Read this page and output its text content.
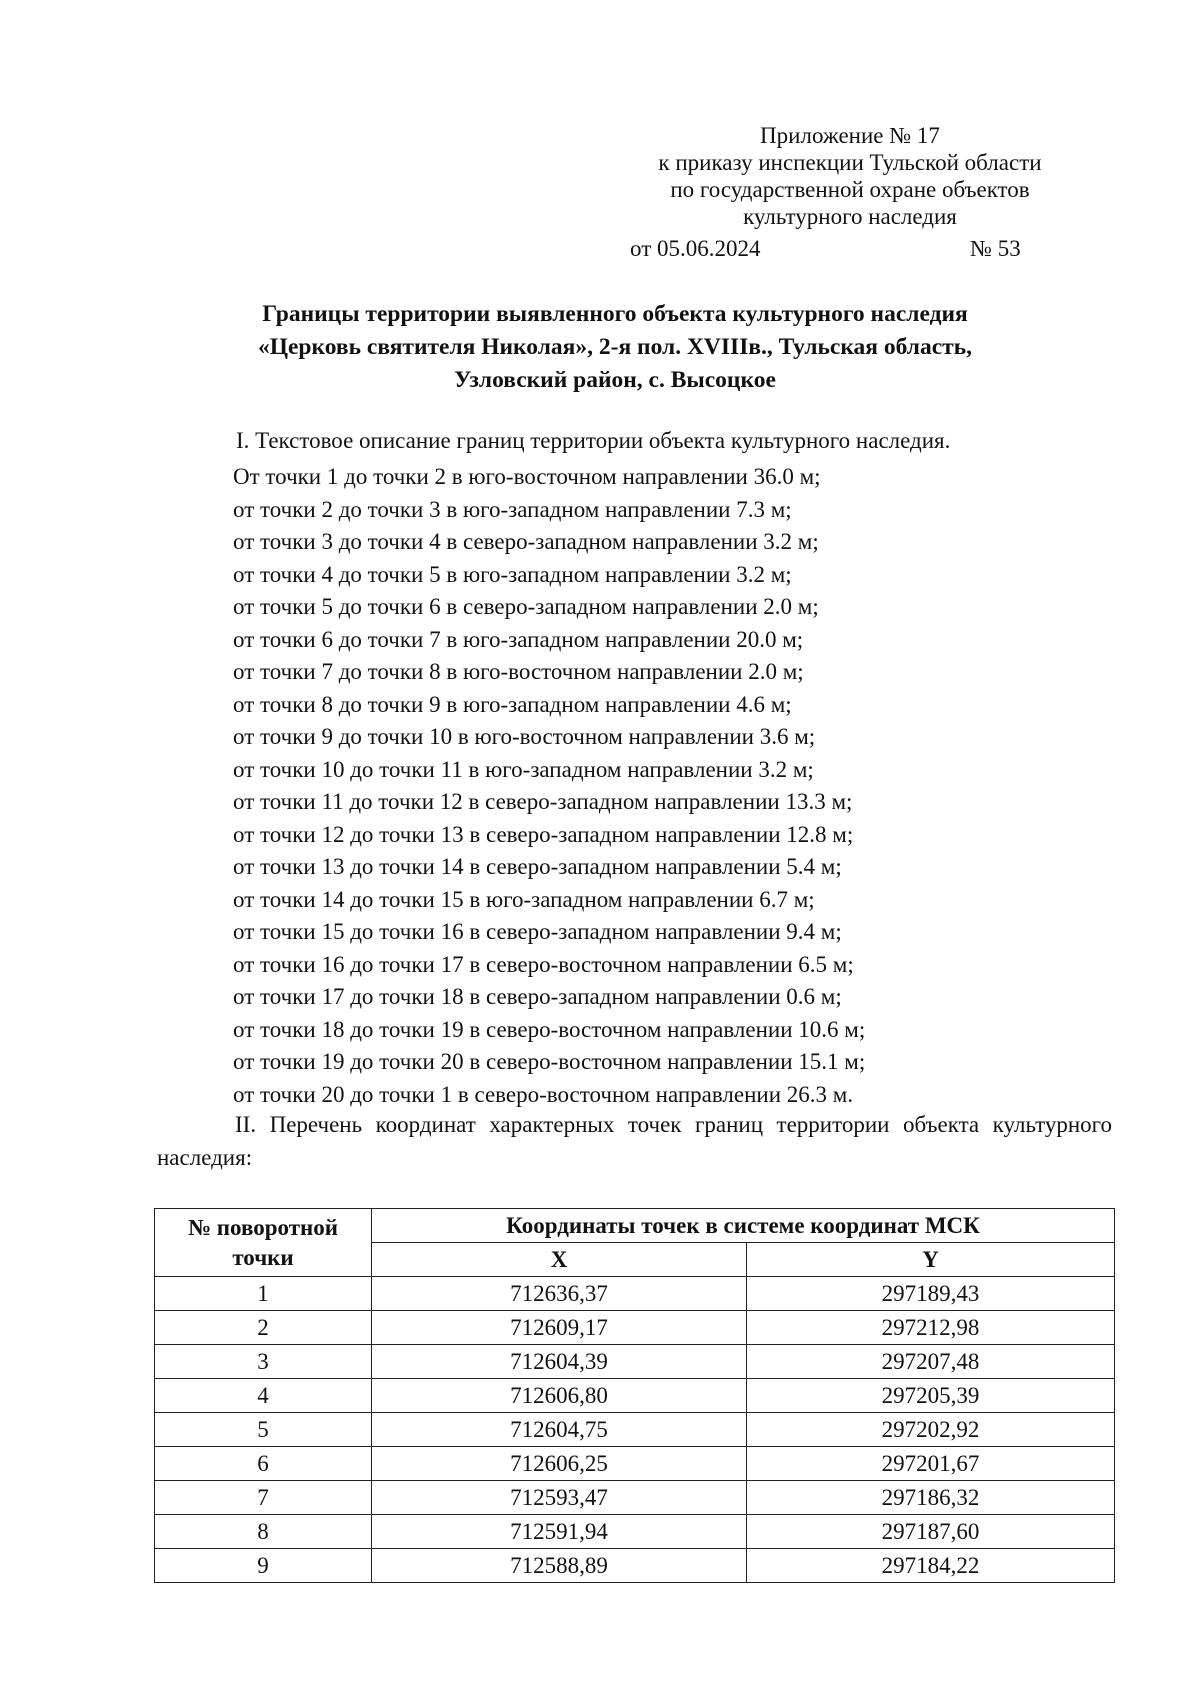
Приложение № 17
к приказу инспекции Тульской области
по государственной охране объектов
культурного наследия
от 05.06.2024	№ 53
Границы территории выявленного объекта культурного наследия
«Церковь святителя Николая», 2-я пол. XVIIIв., Тульская область,
Узловский район, с. Высоцкое
I. Текстовое описание границ территории объекта культурного наследия.
От точки 1 до точки 2 в юго-восточном направлении 36.0 м;
от точки 2 до точки 3 в юго-западном направлении 7.3 м;
от точки 3 до точки 4 в северо-западном направлении 3.2 м;
от точки 4 до точки 5 в юго-западном направлении 3.2 м;
от точки 5 до точки 6 в северо-западном направлении 2.0 м;
от точки 6 до точки 7 в юго-западном направлении 20.0 м;
от точки 7 до точки 8 в юго-восточном направлении 2.0 м;
от точки 8 до точки 9 в юго-западном направлении 4.6 м;
от точки 9 до точки 10 в юго-восточном направлении 3.6 м;
от точки 10 до точки 11 в юго-западном направлении 3.2 м;
от точки 11 до точки 12 в северо-западном направлении 13.3 м;
от точки 12 до точки 13 в северо-западном направлении 12.8 м;
от точки 13 до точки 14 в северо-западном направлении 5.4 м;
от точки 14 до точки 15 в юго-западном направлении 6.7 м;
от точки 15 до точки 16 в северо-западном направлении 9.4 м;
от точки 16 до точки 17 в северо-восточном направлении 6.5 м;
от точки 17 до точки 18 в северо-западном направлении 0.6 м;
от точки 18 до точки 19 в северо-восточном направлении 10.6 м;
от точки 19 до точки 20 в северо-восточном направлении 15.1 м;
от точки 20 до точки 1 в северо-восточном направлении 26.3 м.
II. Перечень координат характерных точек границ территории объекта культурного наследия:
№ поворотной точки	Координаты точек в системе координат МСК	
	X	Y
1	712636,37	297189,43
2	712609,17	297212,98
3	712604,39	297207,48
4	712606,80	297205,39
5	712604,75	297202,92
6	712606,25	297201,67
7	712593,47	297186,32
8	712591,94	297187,60
9	712588,89	297184,22
